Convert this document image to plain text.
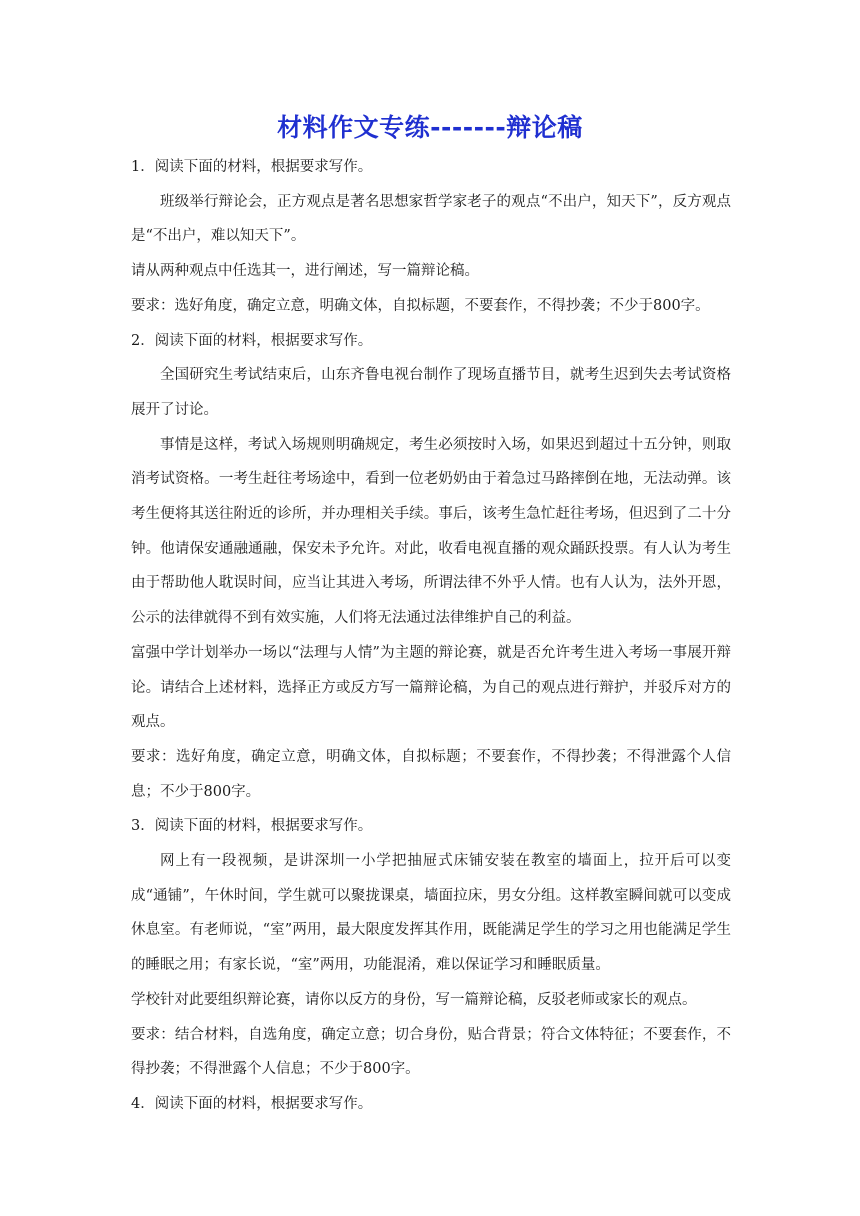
材料作文专练-------辩论稿

1．阅读下面的材料，根据要求写作。

班级举行辩论会，正方观点是著名思想家哲学家老子的观点“不出户，知天下”，反方观点是“不出户，难以知天下”。

请从两种观点中任选其一，进行阐述，写一篇辩论稿。

要求：选好角度，确定立意，明确文体，自拟标题，不要套作，不得抄袭；不少于800字。

2．阅读下面的材料，根据要求写作。

全国研究生考试结束后，山东齐鲁电视台制作了现场直播节目，就考生迟到失去考试资格展开了讨论。

事情是这样，考试入场规则明确规定，考生必须按时入场，如果迟到超过十五分钟，则取消考试资格。一考生赶往考场途中，看到一位老奶奶由于着急过马路摔倒在地，无法动弹。该考生便将其送往附近的诊所，并办理相关手续。事后，该考生急忙赶往考场，但迟到了二十分钟。他请保安通融通融，保安未予允许。对此，收看电视直播的观众踊跃投票。有人认为考生由于帮助他人耽误时间，应当让其进入考场，所谓法律不外乎人情。也有人认为，法外开恩，公示的法律就得不到有效实施，人们将无法通过法律维护自己的利益。

富强中学计划举办一场以“法理与人情”为主题的辩论赛，就是否允许考生进入考场一事展开辩论。请结合上述材料，选择正方或反方写一篇辩论稿，为自己的观点进行辩护，并驳斥对方的观点。

要求：选好角度，确定立意，明确文体，自拟标题；不要套作，不得抄袭；不得泄露个人信息；不少于800字。

3．阅读下面的材料，根据要求写作。

网上有一段视频，是讲深圳一小学把抽屉式床铺安装在教室的墙面上，拉开后可以变成“通铺”，午休时间，学生就可以聚拢课桌，墙面拉床，男女分组。这样教室瞬间就可以变成休息室。有老师说，“室”两用，最大限度发挥其作用，既能满足学生的学习之用也能满足学生的睡眠之用；有家长说，“室”两用，功能混淆，难以保证学习和睡眠质量。

学校针对此要组织辩论赛，请你以反方的身份，写一篇辩论稿，反驳老师或家长的观点。

要求：结合材料，自选角度，确定立意；切合身份，贴合背景；符合文体特征；不要套作，不得抄袭；不得泄露个人信息；不少于800字。

4．阅读下面的材料，根据要求写作。
